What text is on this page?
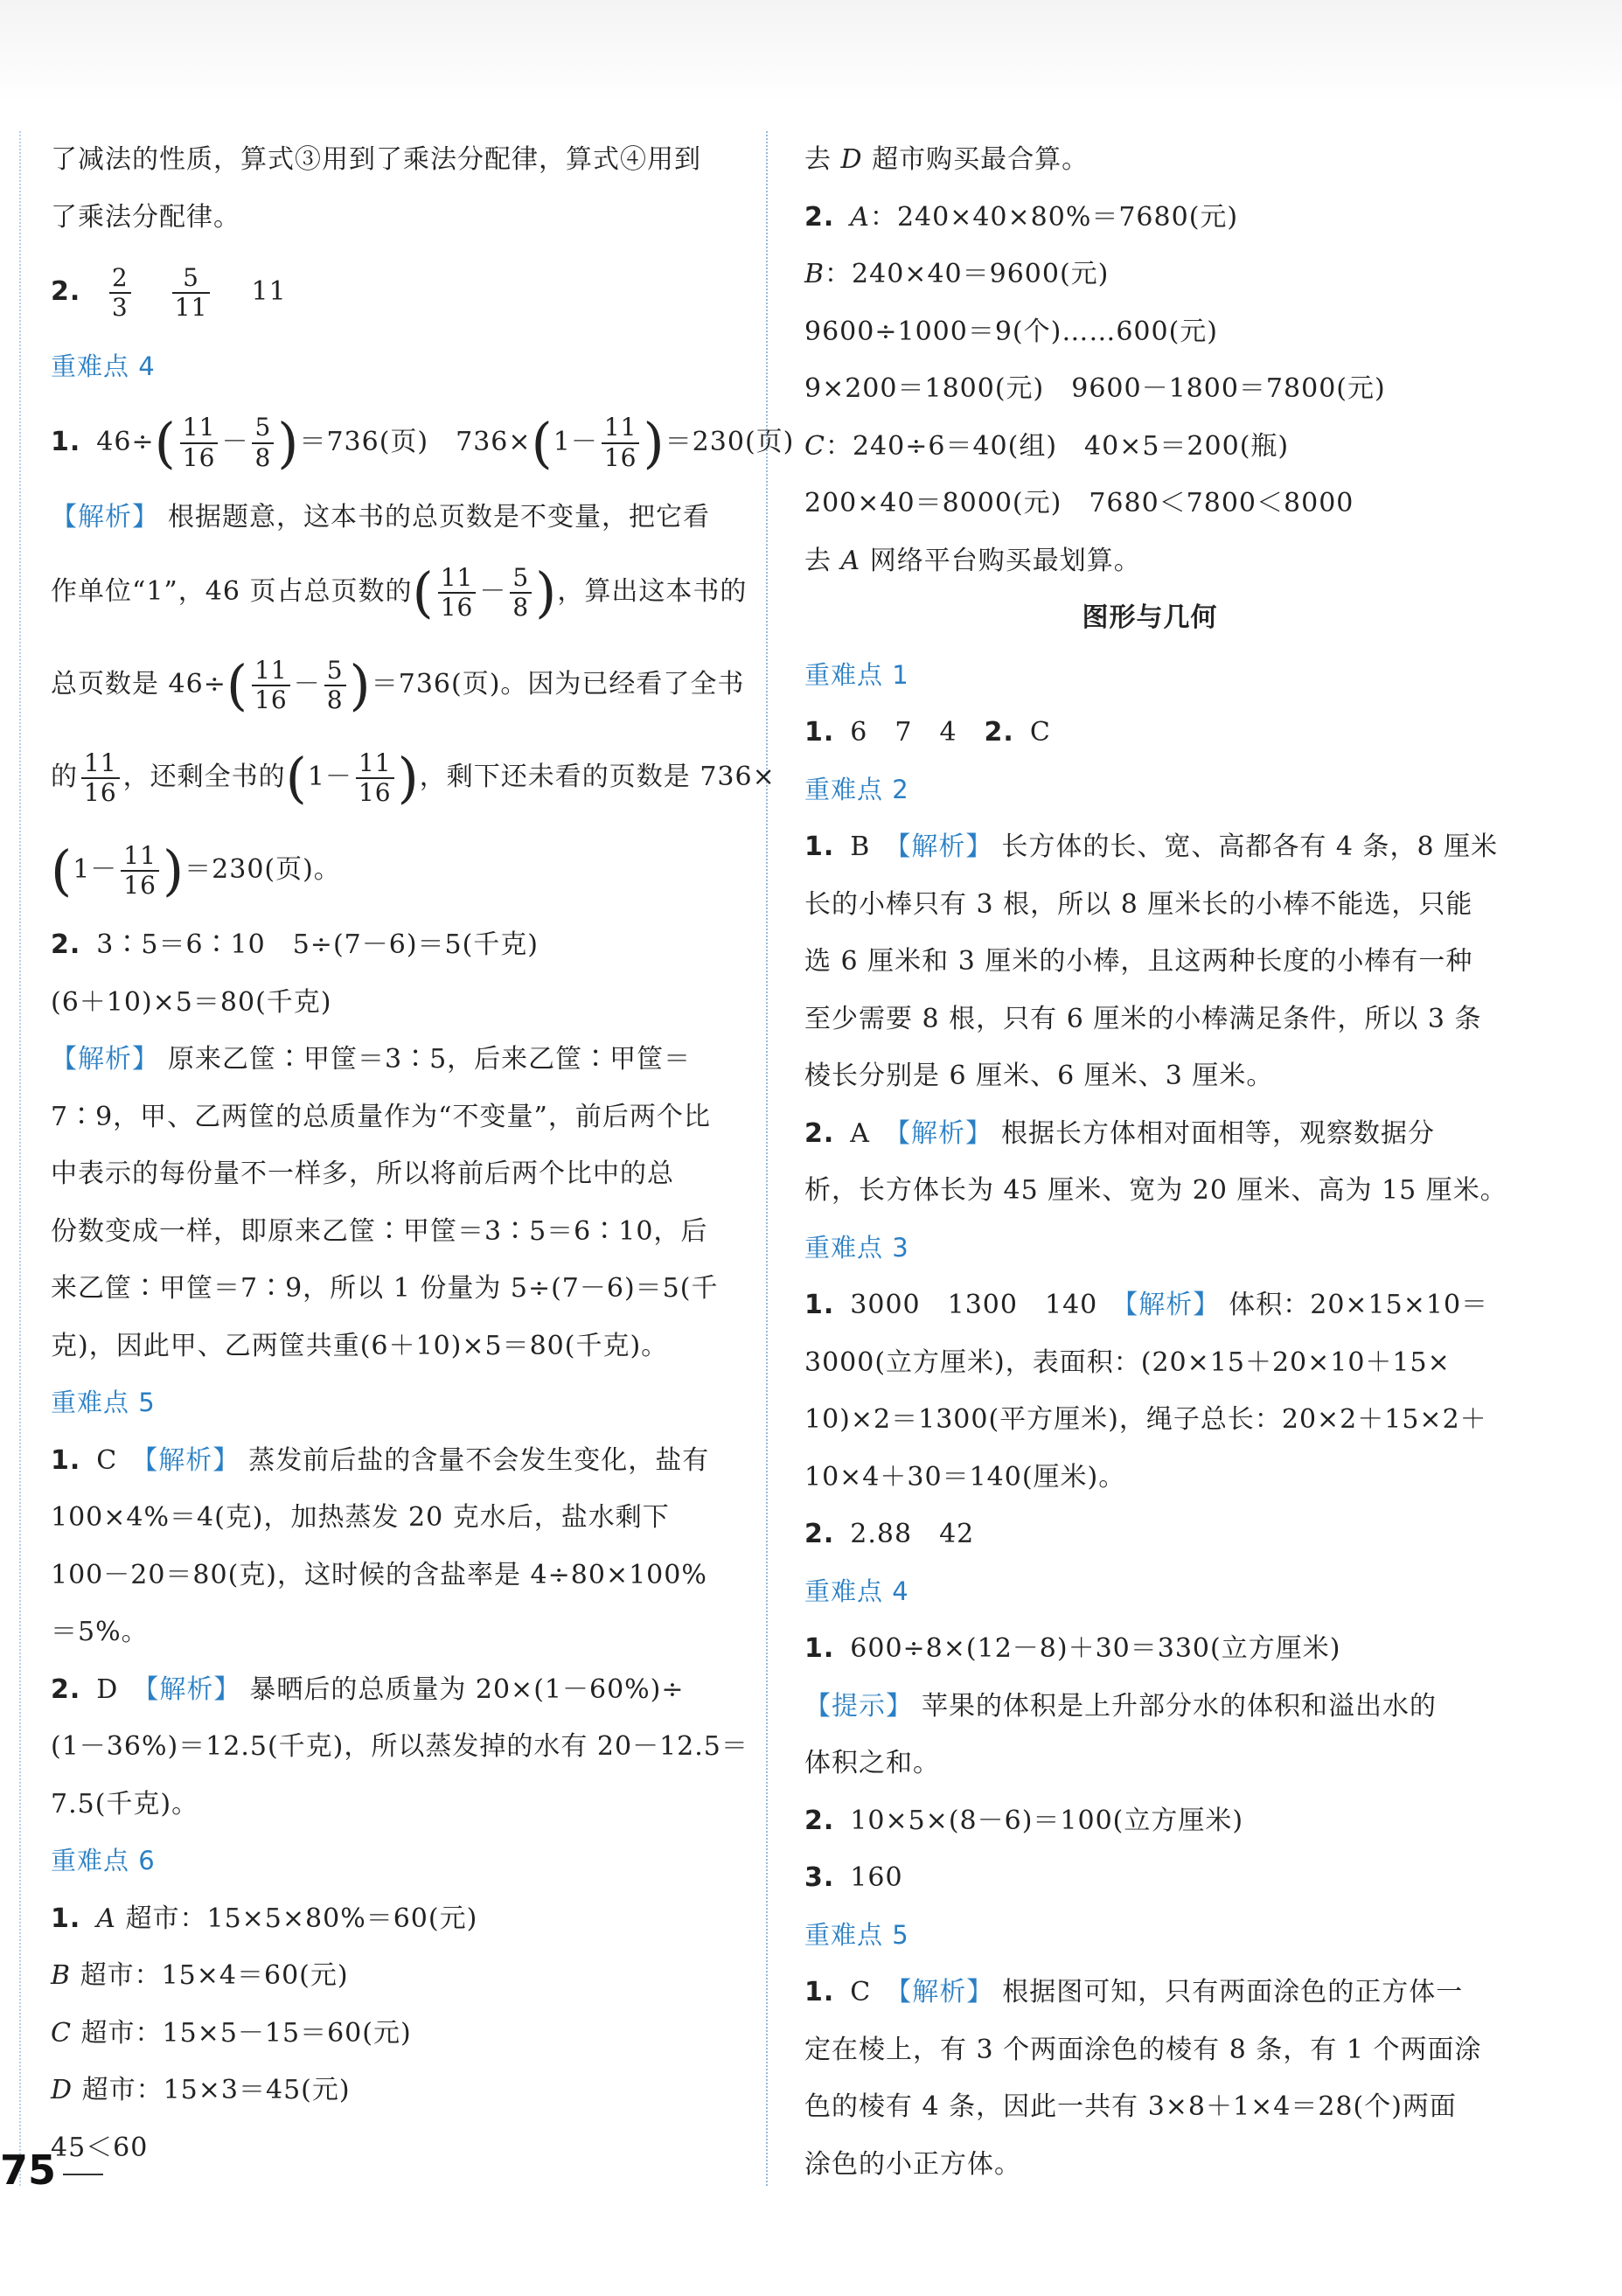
了减法的性质，算式③用到了乘法分配律，算式④用到
了乘法分配律。
2. $\frac{2}{3}$
$\frac{5}{11} 11$
重难点 4
1. $46\div( \frac{11}{16} - \frac{5}{8} )=736$(页)　$736\times(1- \frac{11}{16} )=230$(页)
【解析】 根据题意，这本书的总页数是不变量，把它看
作单位“1”，46 页占总页数的( $\frac{11}{16} - \frac{5}{8}$ )，算出这本书的
总页数是 $46\div( \frac{11}{16} - \frac{5}{8} )=736$(页)。因为已经看了全书
的 $\frac{11}{16}$ ，还剩全书的($1- \frac{11}{16}$ )，剩下还未看的页数是 736×
$(1- \frac{11}{16} )=230$(页)。
2. 3∶5＝6∶10　5÷(7－6)＝5(千克)
(6＋10)×5＝80(千克)
【解析】 原来乙筐∶甲筐＝3∶5，后来乙筐∶甲筐＝
7∶9，甲、乙两筐的总质量作为“不变量”，前后两个比
中表示的每份量不一样多，所以将前后两个比中的总
份数变成一样，即原来乙筐∶甲筐＝3∶5＝6∶10，后
来乙筐∶甲筐＝7∶9，所以 1 份量为 5÷(7－6)＝5(千
克)，因此甲、乙两筐共重(6＋10)×5＝80(千克)。
重难点 5
1. C　 【解析】 蒸发前后盐的含量不会发生变化，盐有
100×4%＝4(克)，加热蒸发 20 克水后，盐水剩下
100－20＝80(克)，这时候的含盐率是 4÷80×100%
＝5%。
2. D　 【解析】 暴晒后的总质量为 20×(1－60%)÷
(1－36%)＝12.5(千克)，所以蒸发掉的水有 20－12.5＝
7.5(千克)。
重难点 6
1. A 超市：15×5×80%＝60(元)
B 超市：15×4＝60(元)
C 超市：15×5－15＝60(元)
D 超市：15×3＝45(元)
45＜60
去 D 超市购买最合算。
2. A：240×40×80%＝7680(元)
B：240×40＝9600(元)
9600÷1000＝9(个)……600(元)
9×200＝1800(元)　9600－1800＝7800(元)
C：240÷6＝40(组)　40×5＝200(瓶)
200×40＝8000(元)　7680＜7800＜8000
去 A 网络平台购买最划算。
图形与几何
重难点 1
1. 6　7　4　 2. C
重难点 2
1. B　 【解析】 长方体的长、宽、高都各有 4 条，8 厘米
长的小棒只有 3 根，所以 8 厘米长的小棒不能选，只能
选 6 厘米和 3 厘米的小棒，且这两种长度的小棒有一种
至少需要 8 根，只有 6 厘米的小棒满足条件，所以 3 条
棱长分别是 6 厘米、6 厘米、3 厘米。
2. A　 【解析】 根据长方体相对面相等，观察数据分
析，长方体长为 45 厘米、宽为 20 厘米、高为 15 厘米。
重难点 3
1. 3000　1300　140　 【解析】 体积：20×15×10＝
3000(立方厘米)，表面积：(20×15＋20×10＋15×
10)×2＝1300(平方厘米)，绳子总长：20×2＋15×2＋
10×4＋30＝140(厘米)。
2. 2.88　42
重难点 4
1. 600÷8×(12－8)＋30＝330(立方厘米)
【提示】 苹果的体积是上升部分水的体积和溢出水的
体积之和。
2. 10×5×(8－6)＝100(立方厘米)
3. 160
重难点 5
1. C　 【解析】 根据图可知，只有两面涂色的正方体一
定在棱上，有 3 个两面涂色的棱有 8 条，有 1 个两面涂
色的棱有 4 条，因此一共有 3×8＋1×4＝28(个)两面
涂色的小正方体。
75
